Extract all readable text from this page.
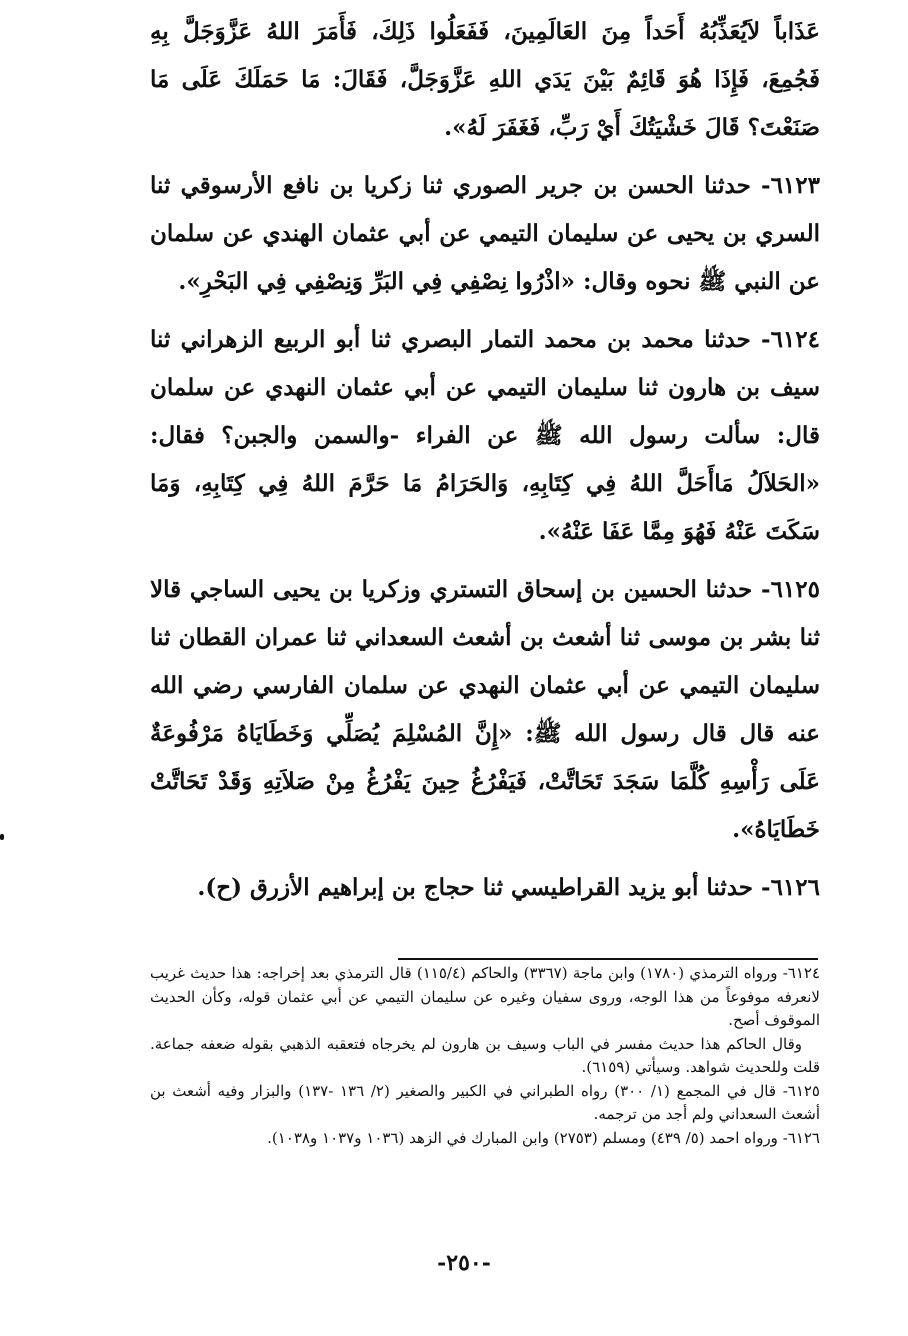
عَذَاباً لاَيُعَذِّبُهُ أَحَداً مِنَ العَالَمِينَ، فَفَعَلُوا ذَلِكَ، فَأَمَرَ اللهُ عَزَّوَجَلَّ بِهِ فَجُمِعَ، فَإِذَا هُوَ قَائِمٌ بَيْنَ يَدَي اللهِ عَزَّوَجَلَّ، فَقَالَ: مَا حَمَلَكَ عَلَى مَا صَنَعْتَ؟ قَالَ خَشْيَتُكَ أَيْ رَبِّ، فَغَفَرَ لَهُ».

٦١٢٣- حدثنا الحسن بن جرير الصوري ثنا زكريا بن نافع الأرسوقي ثنا السري بن يحيى عن سليمان التيمي عن أبي عثمان الهندي عن سلمان عن النبي ﷺ نحوه وقال: «اذْرُوا نِصْفِي فِي البَرِّ وَنِصْفِي فِي البَحْرِ».

٦١٢٤- حدثنا محمد بن محمد التمار البصري ثنا أبو الربيع الزهراني ثنا سيف بن هارون ثنا سليمان التيمي عن أبي عثمان النهدي عن سلمان قال: سألت رسول الله ﷺ عن الفراء -والسمن والجبن؟ فقال: «الحَلاَلُ مَاأَحَلَّ اللهُ فِي كِتَابِهِ، وَالحَرَامُ مَا حَرَّمَ اللهُ فِي كِتَابِهِ، وَمَا سَكَتَ عَنْهُ فَهُوَ مِمَّا عَفَا عَنْهُ».

٦١٢٥- حدثنا الحسين بن إسحاق التستري وزكريا بن يحيى الساجي قالا ثنا بشر بن موسى ثنا أشعث بن أشعث السعداني ثنا عمران القطان ثنا سليمان التيمي عن أبي عثمان النهدي عن سلمان الفارسي رضي الله عنه قال قال رسول الله ﷺ: «إِنَّ المُسْلِمَ يُصَلِّي وَخَطَايَاهُ مَرْفُوعَةٌ عَلَى رَأْسِهِ كُلَّمَا سَجَدَ تَحَاتَّتْ، فَيَفْرُغُ حِينَ يَفْرُغُ مِنْ صَلاَتِهِ وَقَدْ تَحَاتَّتْ خَطَايَاهُ».

٦١٢٦- حدثنا أبو يزيد القراطيسي ثنا حجاج بن إبراهيم الأزرق (ح).

٦١٢٤- ورواه الترمذي (١٧٨٠) وابن ماجة (٣٣٦٧) والحاكم (١١٥/٤) قال الترمذي بعد إخراجه: هذا حديث غريب لانعرفه موفوعاً من هذا الوجه، وروى سفيان وغيره عن سليمان التيمي عن أبي عثمان قوله، وكأن الحديث الموقوف أصح.

وقال الحاكم هذا حديث مفسر في الباب وسيف بن هارون لم يخرجاه فتعقبه الذهبي بقوله ضعفه جماعة. قلت وللحديث شواهد. وسيأتي (٦١٥٩).

٦١٢٥- قال في المجمع (١/ ٣٠٠) رواه الطبراني في الكبير والصغير (٢/ ١٣٦ -١٣٧) والبزار وفيه أشعث بن أشعث السعداني ولم أجد من ترجمه.

٦١٢٦- ورواه احمد (٥/ ٤٣٩) ومسلم (٢٧٥٣) وابن المبارك في الزهد (١٠٣٦ و١٠٣٧ و١٠٣٨).

-٢٥٠-
